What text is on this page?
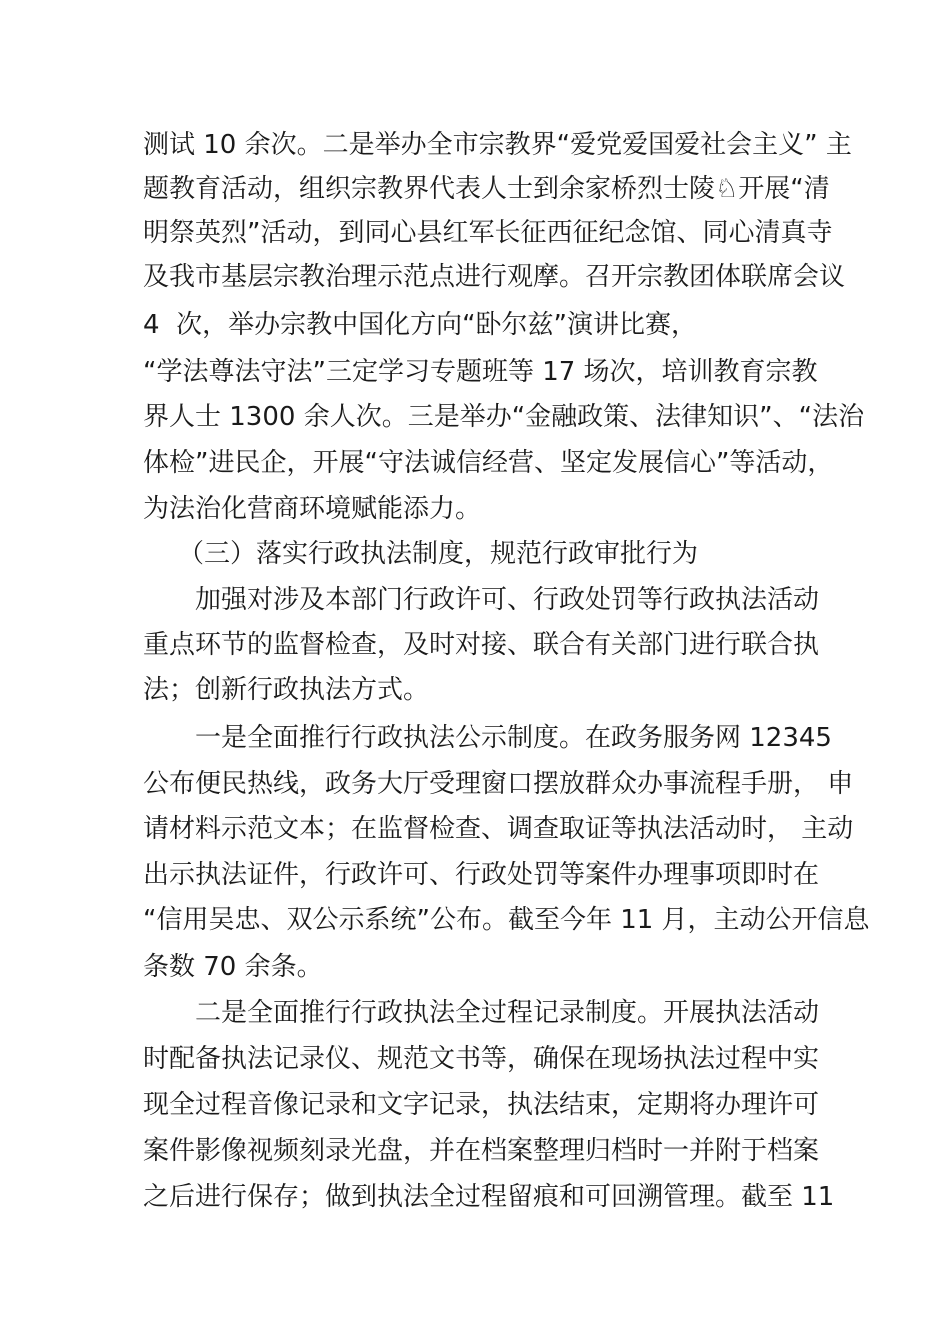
测试 10 余次。二是举办全市宗教界“爱党爱国爱社会主义” 主
题教育活动，组织宗教界代表人士到余家桥烈士陵♘开展“清
明祭英烈”活动，到同心县红军长征西征纪念馆、同心清真寺
及我市基层宗教治理示范点进行观摩。召开宗教团体联席会议
4  次，举办宗教中国化方向“卧尔兹”演讲比赛，
“学法尊法守法”三定学习专题班等 17 场次，培训教育宗教
界人士 1300 余人次。三是举办“金融政策、法律知识”、“法治
体检”进民企，开展“守法诚信经营、坚定发展信心”等活动，
为法治化营商环境赋能添力。
（三）落实行政执法制度，规范行政审批行为
加强对涉及本部门行政许可、行政处罚等行政执法活动
重点环节的监督检查，及时对接、联合有关部门进行联合执
法；创新行政执法方式。
一是全面推行行政执法公示制度。在政务服务网 12345
公布便民热线，政务大厅受理窗口摆放群众办事流程手册， 申
请材料示范文本；在监督检查、调查取证等执法活动时， 主动
出示执法证件，行政许可、行政处罚等案件办理事项即时在
“信用吴忠、双公示系统”公布。截至今年 11 月，主动公开信息
条数 70 余条。
二是全面推行行政执法全过程记录制度。开展执法活动
时配备执法记录仪、规范文书等，确保在现场执法过程中实
现全过程音像记录和文字记录，执法结束，定期将办理许可
案件影像视频刻录光盘，并在档案整理归档时一并附于档案
之后进行保存；做到执法全过程留痕和可回溯管理。截至 11
